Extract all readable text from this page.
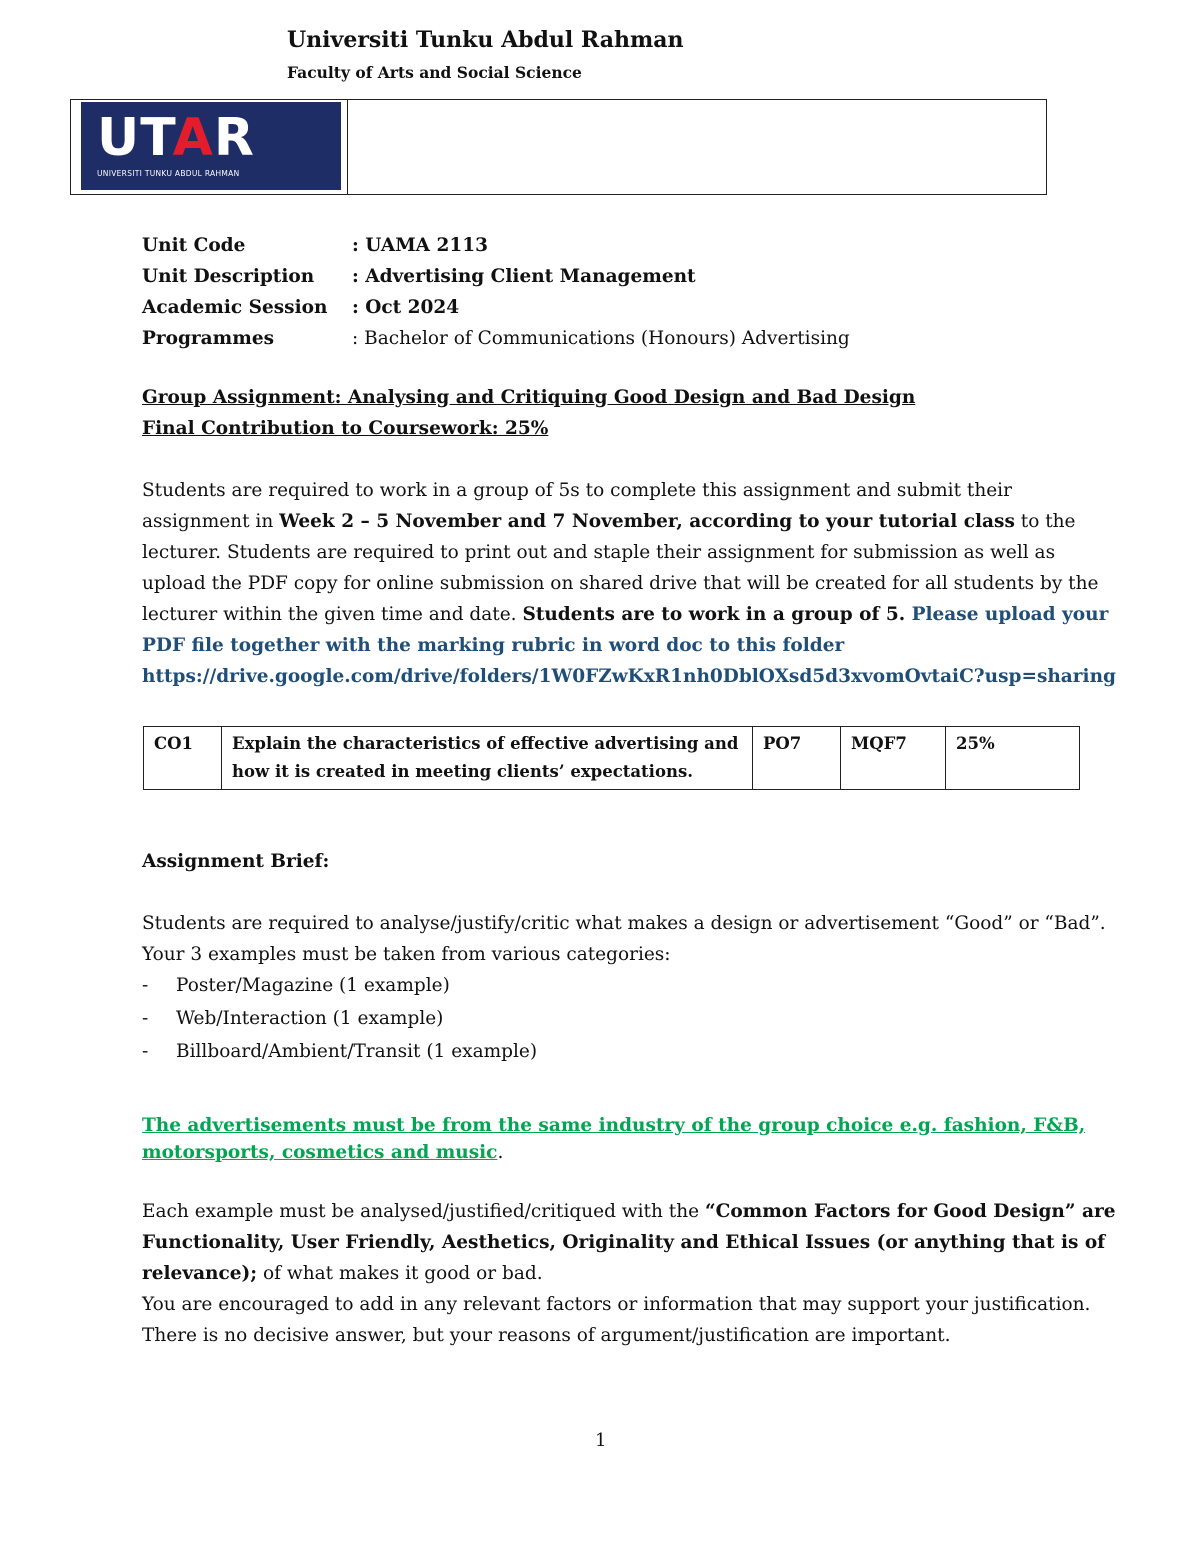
UTAR
UNIVERSITI TUNKU ABDUL RAHMAN
Universiti Tunku Abdul Rahman
Faculty of Arts and Social Science
Unit Code	: UAMA 2113
Unit Description	: Advertising Client Management
Academic Session	: Oct 2024
Programmes	: Bachelor of Communications (Honours) Advertising
Group Assignment: Analysing and Critiquing Good Design and Bad Design
Final Contribution to Coursework: 25%
Students are required to work in a group of 5s to complete this assignment and submit their assignment in Week 2 – 5 November and 7 November, according to your tutorial class to the lecturer. Students are required to print out and staple their assignment for submission as well as upload the PDF copy for online submission on shared drive that will be created for all students by the lecturer within the given time and date. Students are to work in a group of 5. Please upload your PDF file together with the marking rubric in word doc to this folder
https://drive.google.com/drive/folders/1W0FZwKxR1nh0DblOXsd5d3xvomOvtaiC?usp=sharing
CO1	Explain the characteristics of effective advertising and how it is created in meeting clients’ expectations.	PO7	MQF7	25%
Assignment Brief:
Students are required to analyse/justify/critic what makes a design or advertisement “Good” or “Bad”.
Your 3 examples must be taken from various categories:
-	Poster/Magazine (1 example)
-	Web/Interaction (1 example)
-	Billboard/Ambient/Transit (1 example)
The advertisements must be from the same industry of the group choice e.g. fashion, F&B, motorsports, cosmetics and music.
Each example must be analysed/justified/critiqued with the “Common Factors for Good Design” are Functionality, User Friendly, Aesthetics, Originality and Ethical Issues (or anything that is of relevance); of what makes it good or bad.
You are encouraged to add in any relevant factors or information that may support your justification.
There is no decisive answer, but your reasons of argument/justification are important.
1
